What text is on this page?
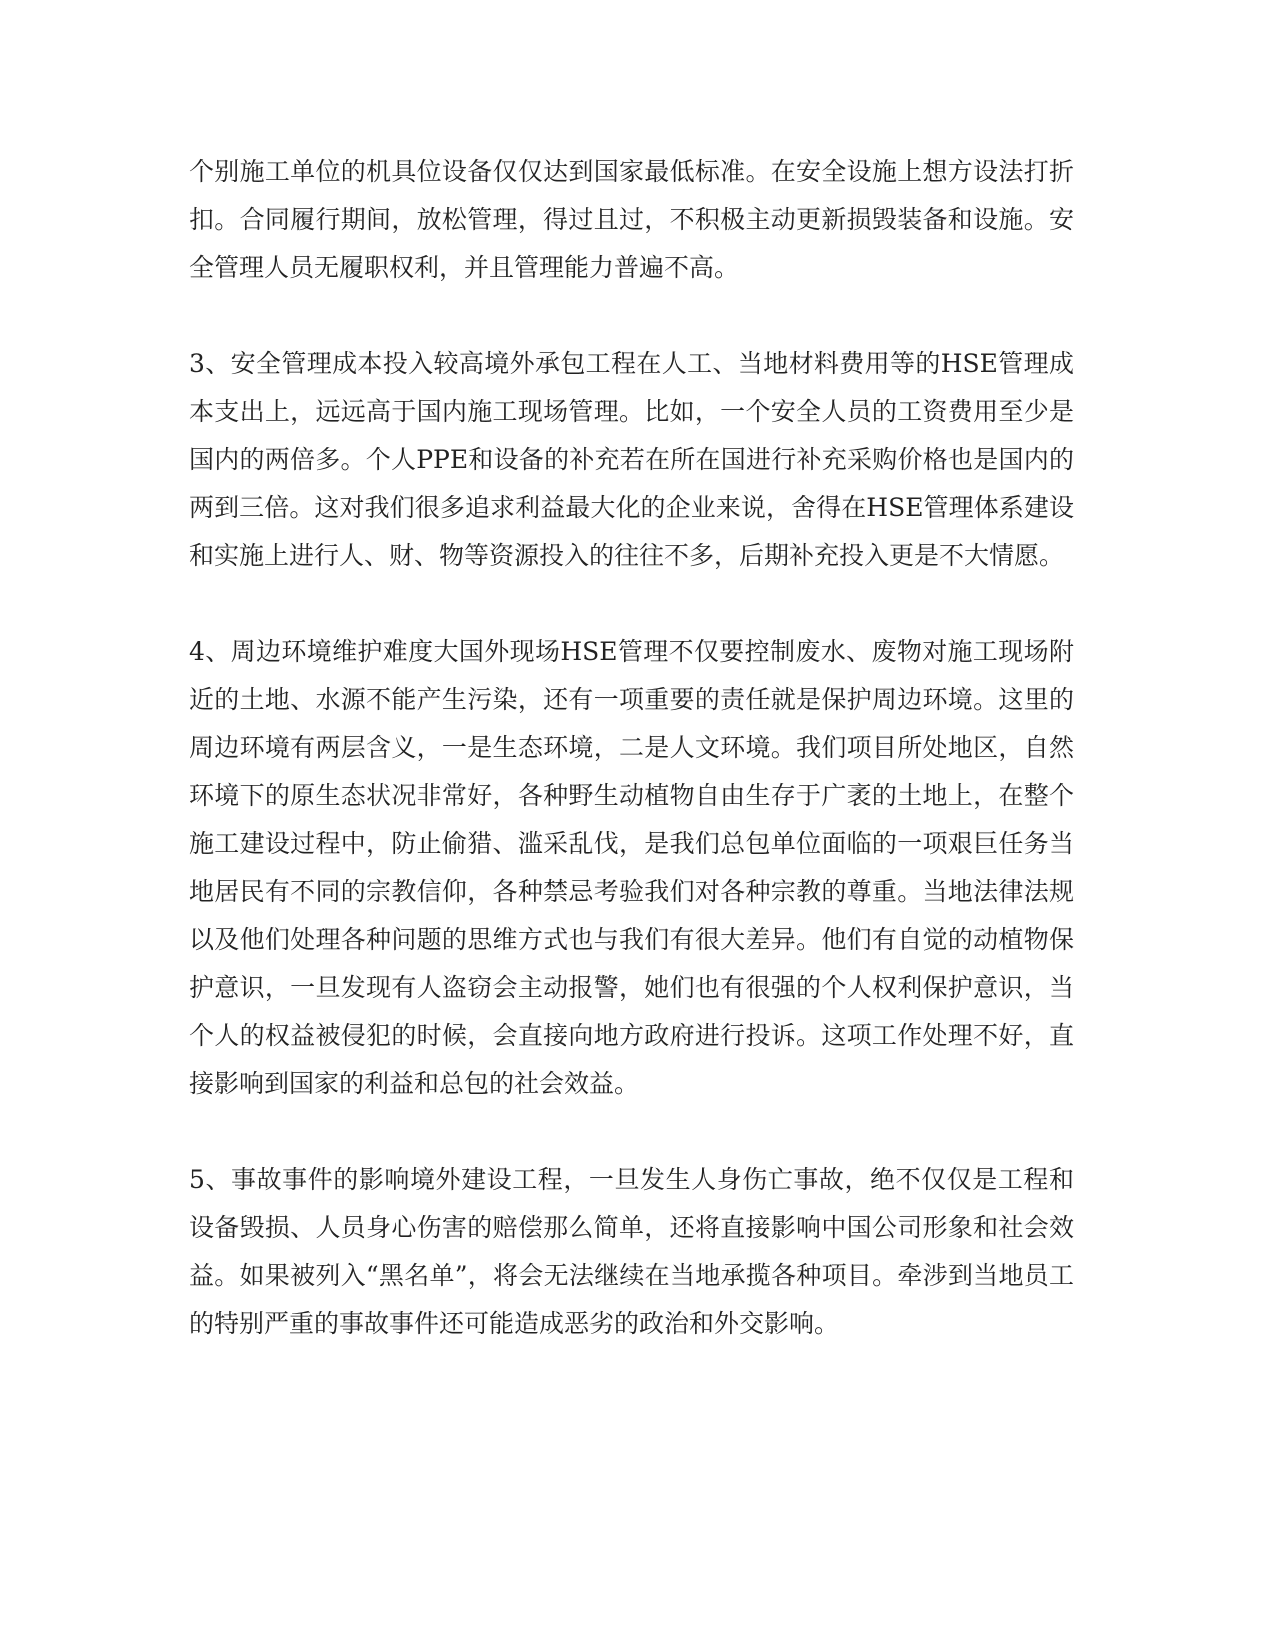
个别施工单位的机具位设备仅仅达到国家最低标准。在安全设施上想方设法打折扣。合同履行期间，放松管理，得过且过，不积极主动更新损毁装备和设施。安全管理人员无履职权利，并且管理能力普遍不高。

3、安全管理成本投入较高境外承包工程在人工、当地材料费用等的HSE管理成本支出上，远远高于国内施工现场管理。比如，一个安全人员的工资费用至少是国内的两倍多。个人PPE和设备的补充若在所在国进行补充采购价格也是国内的两到三倍。这对我们很多追求利益最大化的企业来说，舍得在HSE管理体系建设和实施上进行人、财、物等资源投入的往往不多，后期补充投入更是不大情愿。

4、周边环境维护难度大国外现场HSE管理不仅要控制废水、废物对施工现场附近的土地、水源不能产生污染，还有一项重要的责任就是保护周边环境。这里的周边环境有两层含义，一是生态环境，二是人文环境。我们项目所处地区，自然环境下的原生态状况非常好，各种野生动植物自由生存于广袤的土地上，在整个施工建设过程中，防止偷猎、滥采乱伐，是我们总包单位面临的一项艰巨任务当地居民有不同的宗教信仰，各种禁忌考验我们对各种宗教的尊重。当地法律法规以及他们处理各种问题的思维方式也与我们有很大差异。他们有自觉的动植物保护意识，一旦发现有人盗窃会主动报警，她们也有很强的个人权利保护意识，当个人的权益被侵犯的时候，会直接向地方政府进行投诉。这项工作处理不好，直接影响到国家的利益和总包的社会效益。

5、事故事件的影响境外建设工程，一旦发生人身伤亡事故，绝不仅仅是工程和设备毁损、人员身心伤害的赔偿那么简单，还将直接影响中国公司形象和社会效益。如果被列入“黑名单”，将会无法继续在当地承揽各种项目。牵涉到当地员工的特别严重的事故事件还可能造成恶劣的政治和外交影响。
